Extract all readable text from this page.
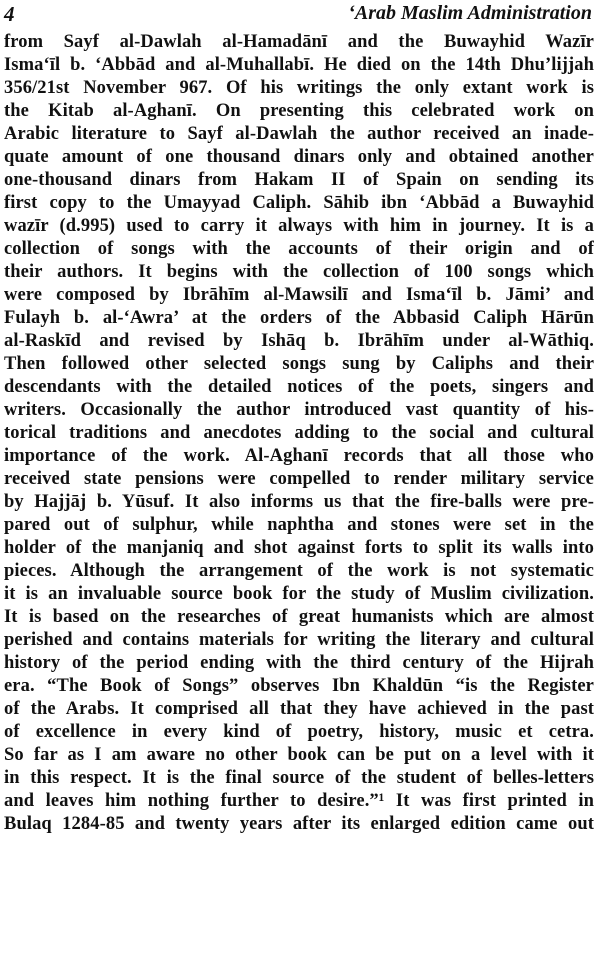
4	‘Arab Maslim Administration
from Sayf al-Dawlah al-Hamadānī and the Buwayhid Wazīr
Isma‘īl b. ‘Abbād and al-Muhallabī. He died on the 14th Dhu’lijjah
356/21st November 967. Of his writings the only extant work is
the Kitab al-Aghanī. On presenting this celebrated work on
Arabic literature to Sayf al-Dawlah the author received an inade-
quate amount of one thousand dinars only and obtained another
one-thousand dinars from Hakam II of Spain on sending its
first copy to the Umayyad Caliph. Sāhib ibn ‘Abbād a Buwayhid
wazīr (d.995) used to carry it always with him in journey. It is a
collection of songs with the accounts of their origin and of
their authors. It begins with the collection of 100 songs which
were composed by Ibrāhīm al-Mawsilī and Isma‘īl b. Jāmi’ and
Fulayh b. al-‘Awra’ at the orders of the Abbasid Caliph Hārūn
al-Raskīd and revised by Ishāq b. Ibrāhīm under al-Wāthiq.
Then followed other selected songs sung by Caliphs and their
descendants with the detailed notices of the poets, singers and
writers. Occasionally the author introduced vast quantity of his-
torical traditions and anecdotes adding to the social and cultural
importance of the work. Al-Aghanī records that all those who
received state pensions were compelled to render military service
by Hajjāj b. Yūsuf. It also informs us that the fire-balls were pre-
pared out of sulphur, while naphtha and stones were set in the
holder of the manjaniq and shot against forts to split its walls into
pieces. Although the arrangement of the work is not systematic
it is an invaluable source book for the study of Muslim civilization.
It is based on the researches of great humanists which are almost
perished and contains materials for writing the literary and cultural
history of the period ending with the third century of the Hijrah
era. “The Book of Songs” observes Ibn Khaldūn “is the Register
of the Arabs. It comprised all that they have achieved in the past
of excellence in every kind of poetry, history, music et cetra.
So far as I am aware no other book can be put on a level with it
in this respect. It is the final source of the student of belles-letters
and leaves him nothing further to desire.”¹ It was first printed in
Bulaq 1284-85 and twenty years after its enlarged edition came out
